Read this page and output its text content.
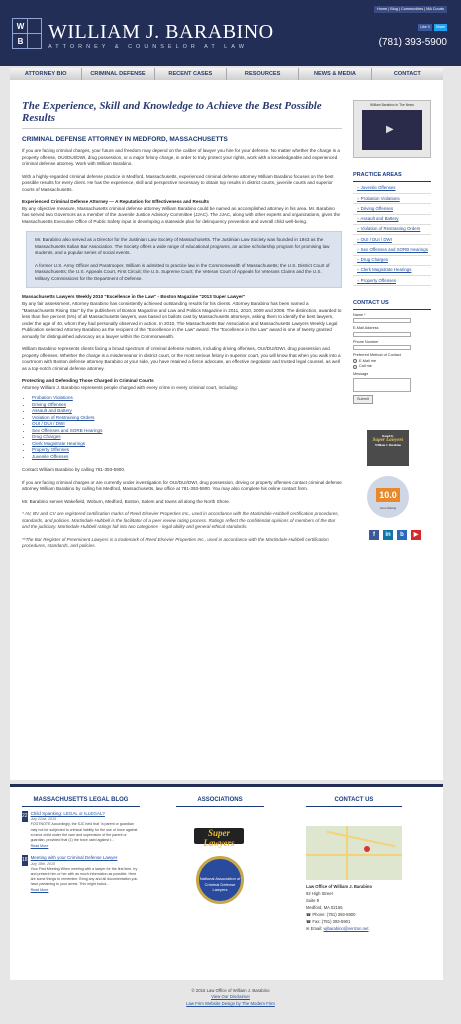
Home | Blog | Communities | MA Courts
Like 0	Share
W
B WILLIAM J. BARABINO
ATTORNEY & COUNSELOR AT LAW	(781) 393-5900
ATTORNEY BIO	CRIMINAL DEFENSE	RECENT CASES	RESOURCES	NEWS & MEDIA	CONTACT
The Experience, Skill and Knowledge to Achieve the Best Possible Results
CRIMINAL DEFENSE ATTORNEY IN MEDFORD, MASSACHUSETTS

If you are facing criminal charges, your future and freedom may depend on the caliber of lawyer you hire for your defense. No matter whether the charge is a property offense, OUI/DUI/DWI, drug possession, or a major felony charge, in order to truly protect your rights, work with a knowledgeable and experienced criminal defense attorney. Work with William Barabino.

With a highly-regarded criminal defense practice in Medford, Massachusetts, experienced criminal defense attorney William Barabino focuses on the best possible results for every client. He has the experience, skill and perspective necessary to obtain top results in district courts, juvenile courts and superior courts of Massachusetts.

Experienced Criminal Defense Attorney — A Reputation for Effectiveness and Results

By any objective measure, Massachusetts criminal defense attorney William Barabino could be named an accomplished attorney in his area. Mr. Barabino has served two Governors as a member of the Juvenile Justice Advisory Committee (JJAC). The JJAC, along with other experts and organizations, gives the Massachusetts Executive Office of Public Safety input in developing a statewide plan for delinquency prevention and overall child well-being.

Mr. Barabino also served as a Director for the Justinian Law Society of Massachusetts. The Justinian Law Society was founded in 1943 as the Massachusetts Italian Bar Association. The Society offers a wide range of educational programs, an active scholarship program for promising law students, and a popular series of social events.

A former U.S. Army Officer and Paratrooper, William is admitted to practice law in the Commonwealth of Massachusetts; the U.S. District Court of Massachusetts; the U.S. Appeals Court, First Circuit; the U.S. Supreme Court; the Veteran Court of Appeals for Veterans Claims and the U.S. Military Commissions for the Department of Defense.

Massachusetts Lawyers Weekly 2010 "Excellence in the Law" - Boston Magazine "2013 Super Lawyer"

By any fair assessment, Attorney Barabino has consistently achieved outstanding results for his clients. Attorney Barabino has been named a "Massachusetts Rising Star" by the publishers of Boston Magazine and Law and Politics Magazine in 2011, 2010, 2009 and 2008. The distinction, awarded to less than five percent (5%) of all Massachusetts lawyers, was based on ballots cast by Massachusetts attorneys, asking them to identify the best lawyers, under the age of 40, whom they had personally observed in action. In 2010, The Massachusetts Bar Association and Massachusetts Lawyers Weekly Legal Publication selected Attorney Barabino as the recipient of the "Excellence in the Law" award. The "Excellence in the Law" award is one of twenty granted annually for distinguished advocacy as a lawyer within the Commonwealth.

William Barabino represents clients facing a broad spectrum of criminal defense matters, including driving offenses, OUI/DUI/DWI, drug possession and property offenses. Whether the charge is a misdemeanor in district court, or the most serious felony in superior court, you will know that when you walk into a courtroom with Boston defense attorney Barabino at your side, you have retained a fierce advocate, an effective negotiator and trusted legal counsel, as well as a top-notch criminal defense attorney.

Protecting and Defending Those Charged in Criminal Courts
Attorney William J. Barabino represents people charged with every crime in every criminal court, including:
• Probation Violations
• Driving Offenses
• Assault and Battery
• Violation of Restraining Orders
• OUI / DUI / DWI
• Sex Offenses and SORB Hearings
• Drug Charges
• Clerk Magistrate Hearings
• Property Offenses
• Juvenile Offenses

Contact William Barabino by calling 781-393-5900.

If you are facing criminal charges or are currently under investigation for OUI/DUI/DWI, drug possession, driving or property offenses contact criminal defense attorney William Barabino by calling his Medford, Massachusetts, law office at 781-393-5900. You may also complete his online contact form.

Mr. Barabino serves Wakefield, Woburn, Medford, Boston, Salem and towns all along the North Shore.

* AV, BV and CV are registered certification marks of Reed Elsevier Properties Inc., used in accordance with the Martindale-Hubbell certification procedures, standards, and policies. Martindale-Hubbell is the facilitator of a peer review rating process. Ratings reflect the confidential opinions of members of the Bar and the judiciary. Martindale-Hubbell ratings fall into two categories - legal ability and general ethical standards.

**The Bar Register of Preeminent Lawyers is a trademark of Reed Elsevier Properties Inc., used in accordance with the Martindale-Hubbell certification procedures, standards, and policies.

William Barabino in The News
▶
PRACTICE AREAS
» Juvenile Offenses
» Probation Violations
» Driving Offenses
» Assault and Battery
» Violation of Restraining Orders
» OUI / DUI / DWI
» Sex Offenses and SORB Hearings
» Drug Charges
» Clerk Magistrate Hearings
» Property Offenses
CONTACT US
Name *
E-Mail Address
Phone Number
Preferred Method of Contact
E-Mail me
Call me
Message
Submit
Rated by
Super Lawyers
William J. Barabino
10.0
Avvo Rating
f	in	b	▶
MASSACHUSETTS LEGAL BLOG
22 Child Spanking: LEGAL or ILLEGAL?
July 22nd, 2015
FOOTNOTE Accordingly, the SJC held that "a parent or guardian may not be subjected to criminal liability for the use of force against a minor child under the care and supervision of the parent or guardian, provided that (1) the force used against t...
Read More
18 Meeting with your Criminal Defense Lawyer
July 18th, 2015
Your First Meeting When meeting with a lawyer for the first time, try and present him or her with as much information as possible. Here are some things to remember. Bring any and all documentation you have pertaining to your arrest. This might includ...
Read More
ASSOCIATIONS
Super Lawyers
National Association of Criminal Defense Lawyers
CONTACT US
Law Office of William J. Barabino
92 High Street
Suite 9
Medford, MA 02155
☎ Phone: (781) 393-5900
☎ Fax: (781) 393-5901
✉ Email: wjbarabino@verizon.net
© 2016 Law Office of William J. Barabino
View Our Disclaimer
Law Firm Website Design by The Modern Firm
